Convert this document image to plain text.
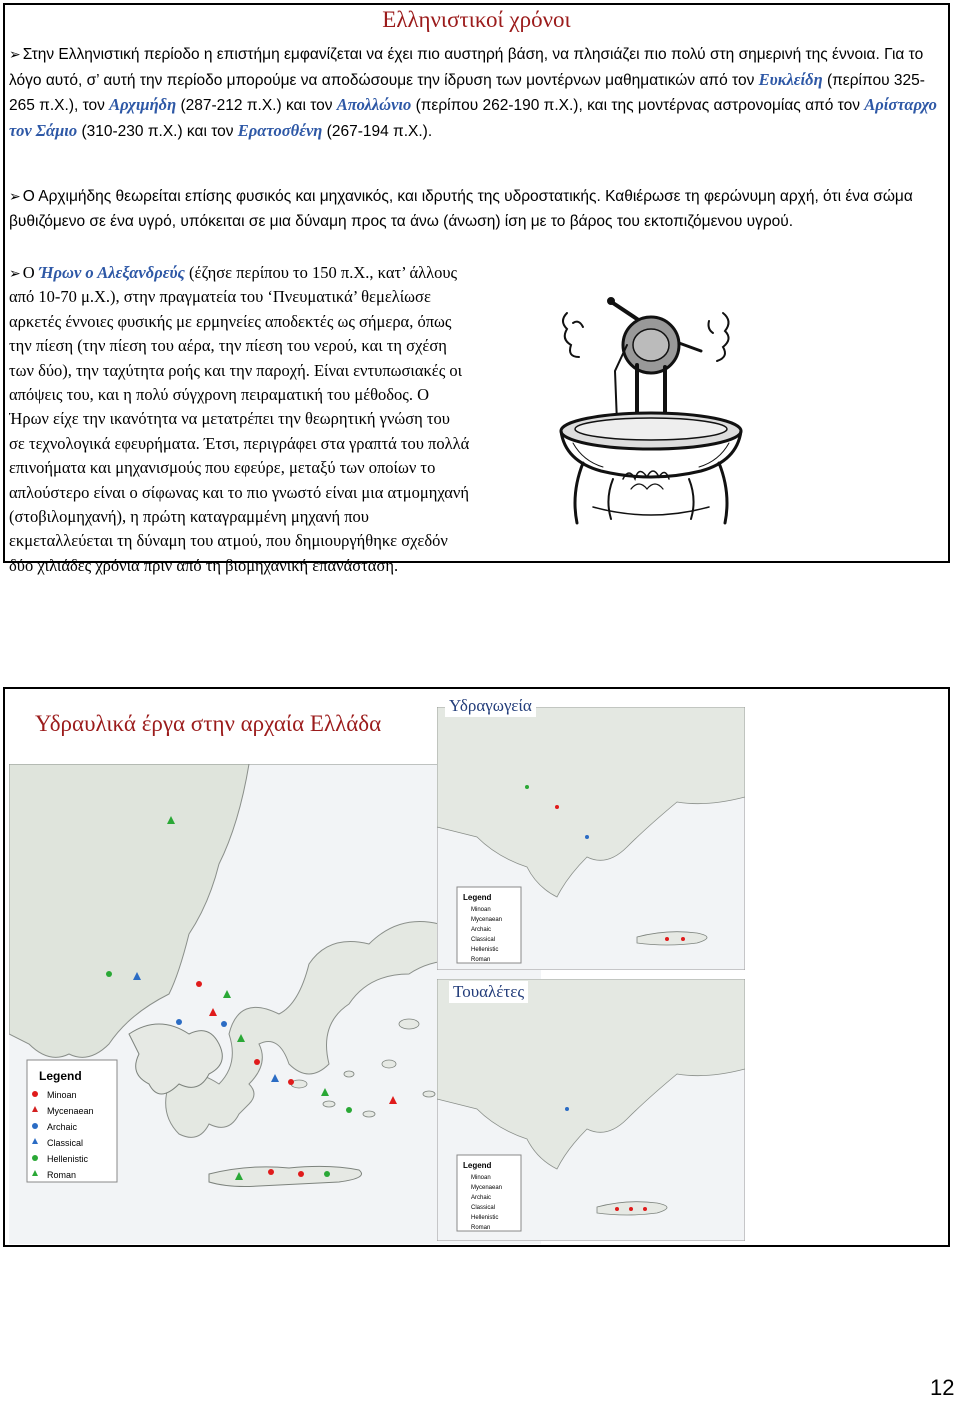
Ελληνιστικοί χρόνοι
➢ Στην Ελληνιστική περίοδο η επιστήμη εμφανίζεται να έχει πιο αυστηρή βάση, να πλησιάζει πιο πολύ στη σημερινή της έννοια. Για το λόγο αυτό, σ’ αυτή την περίοδο μπορούμε να αποδώσουμε την ίδρυση των μοντέρνων μαθηματικών από τον Ευκλείδη (περίπου 325-265 π.Χ.), τον Αρχιμήδη (287-212 π.Χ.) και τον Απολλώνιο (περίπου 262-190 π.Χ.), και της μοντέρνας αστρονομίας από τον Αρίσταρχο τον Σάμιο (310-230 π.Χ.) και τον Ερατοσθένη (267-194 π.Χ.).
➢ Ο Αρχιμήδης θεωρείται επίσης φυσικός και μηχανικός, και ιδρυτής της υδροστατικής. Καθιέρωσε τη φερώνυμη αρχή, ότι ένα σώμα βυθιζόμενο σε ένα υγρό, υπόκειται σε μια δύναμη προς τα άνω (άνωση) ίση με το βάρος του εκτοπιζόμενου υγρού.
➢ Ο Ήρων ο Αλεξανδρεύς (έζησε περίπου το 150 π.Χ., κατ’ άλλους
από 10-70 μ.Χ.), στην πραγματεία του ‘Πνευματικά’ θεμελίωσε
αρκετές έννοιες φυσικής με ερμηνείες αποδεκτές ως σήμερα, όπως
την πίεση (την πίεση του αέρα, την πίεση του νερού, και τη σχέση
των δύο), την ταχύτητα ροής και την παροχή. Είναι εντυπωσιακές οι
απόψεις του, και η πολύ σύγχρονη πειραματική του μέθοδος. Ο
Ήρων είχε την ικανότητα να μετατρέπει την θεωρητική γνώση του
σε τεχνολογικά εφευρήματα. Έτσι, περιγράφει στα γραπτά του πολλά
επινοήματα και μηχανισμούς που εφεύρε, μεταξύ των οποίων το
απλούστερο είναι ο σίφωνας και το πιο γνωστό είναι μια ατμομηχανή
(στοβιλομηχανή), η πρώτη καταγραμμένη μηχανή που
εκμεταλλεύεται τη δύναμη του ατμού, που δημιουργήθηκε σχεδόν
δύο χιλιάδες χρόνια πριν από τη βιομηχανική επανάσταση.
Υδραυλικά έργα στην αρχαία Ελλάδα
Legend
Minoan
Mycenaean
Archaic
Classical
Hellenistic
Roman
Legend
Minoan
Mycenaean
Archaic
Classical
Hellenistic
Roman
Legend
Minoan
Mycenaean
Archaic
Classical
Hellenistic
Roman
Υδραγωγεία
Τουαλέτες
12
